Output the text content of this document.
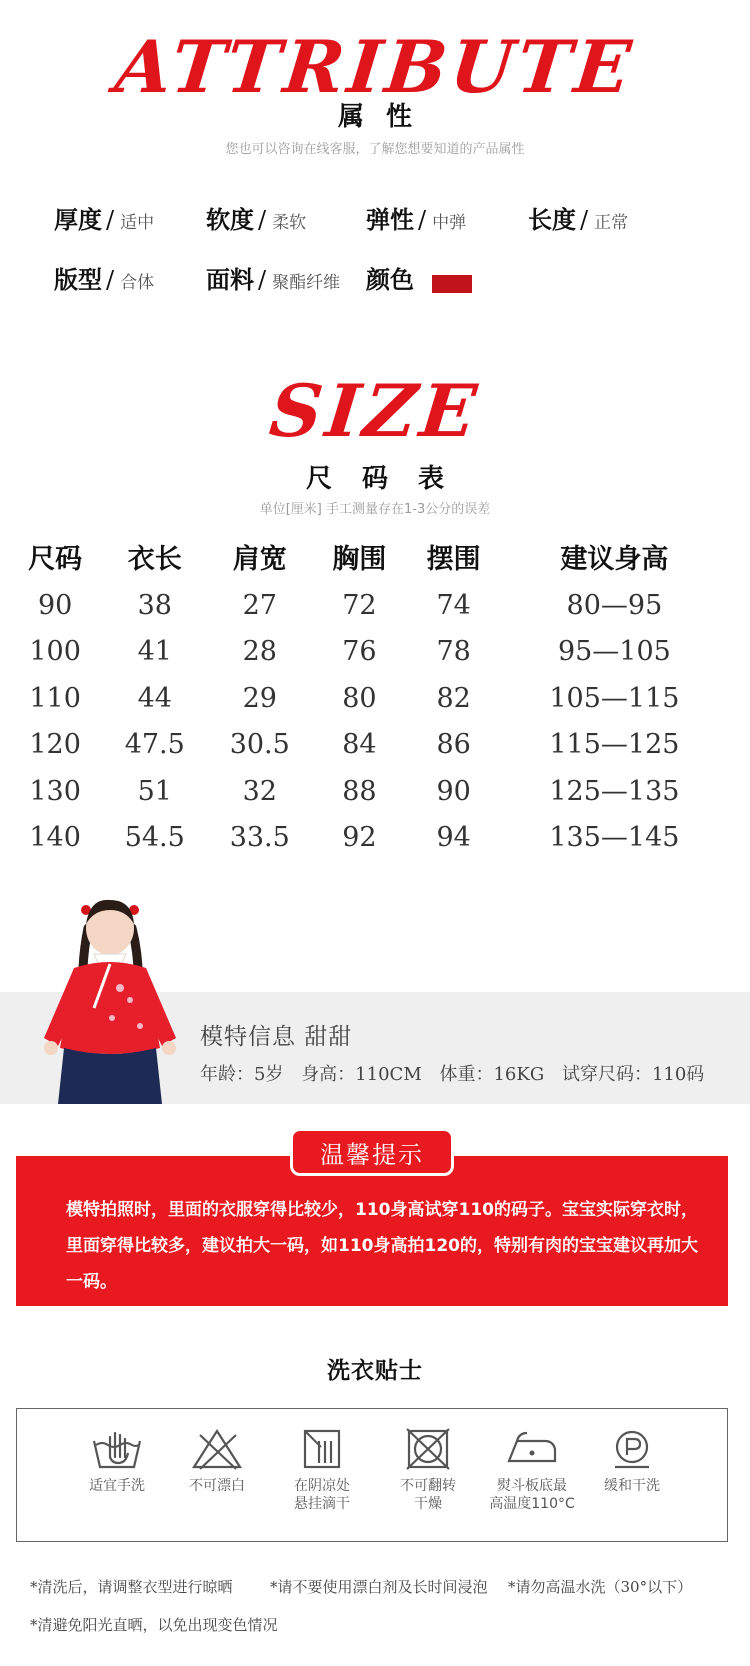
ATTRIBUTE
属性
您也可以咨询在线客服，了解您想要知道的产品属性
厚度 / 适中 软度 / 柔软 弹性 / 中弹	长度 / 正常
版型 / 合体 面料 / 聚酯纤维 颜色
SIZE
尺码表
单位[厘米] 手工测量存在1-3公分的误差
尺码	衣长	肩宽	胸围	摆围	建议身高
90	38	27	72	74	80—95
100	41	28	76	78	95—105
110	44	29	80	82	105—115
120	47.5	30.5	84	86	115—125
130	51	32	88	90	125—135
140	54.5	33.5	92	94	135—145
模特信息 甜甜
年龄：5岁 身高：110CM 体重：16KG 试穿尺码：110码
温馨提示
模特拍照时，里面的衣服穿得比较少，110身高试穿110的码子。宝宝实际穿衣时，里面穿得比较多，建议拍大一码，如110身高拍120的，特别有肉的宝宝建议再加大一码。
洗衣贴士
适宜手洗	不可漂白	在阴凉处
悬挂滴干
不可翻转
干燥
熨斗板底最
高温度110°C
缓和干洗
*清洗后，请调整衣型进行晾晒 *请不要使用漂白剂及长时间浸泡 *请勿高温水洗（30°以下）
*清避免阳光直晒，以免出现变色情况
